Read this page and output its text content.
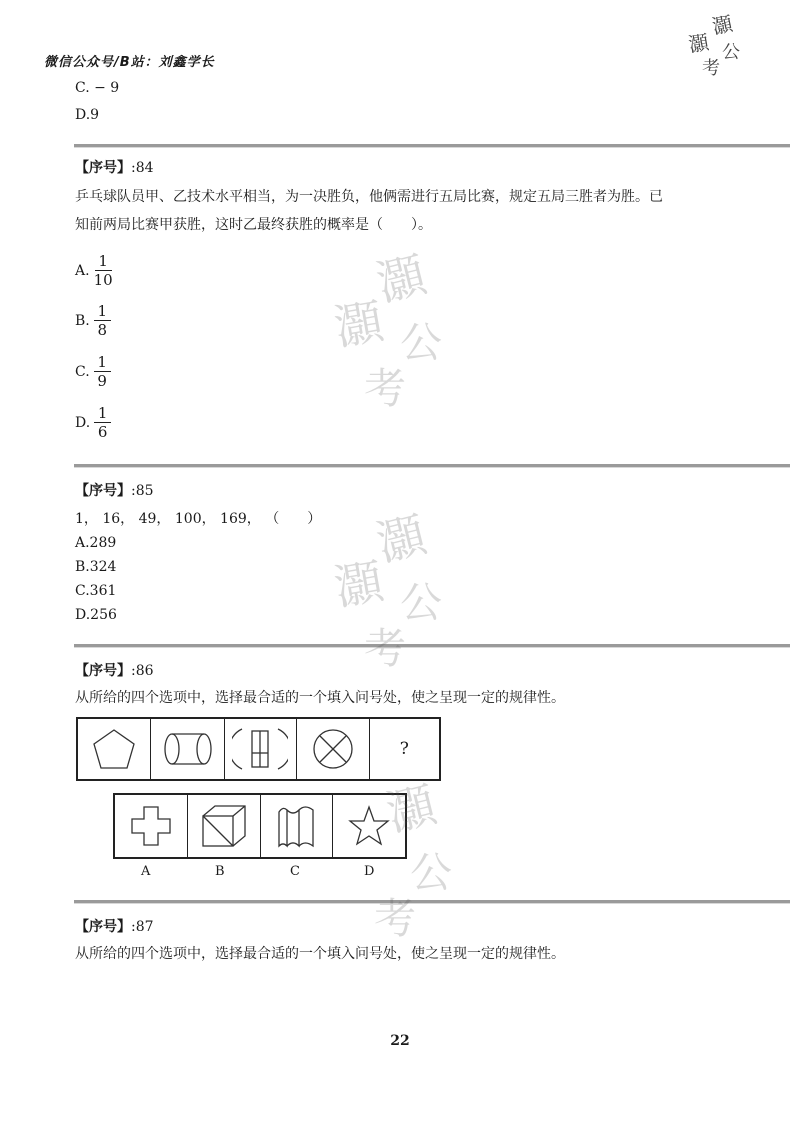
微信公众号/B站：刘鑫学长
灝
灝 公
考
C. − 9
D.9
【序号】:84
乒乓球队员甲、乙技术水平相当，为一决胜负，他俩需进行五局比赛，规定五局三胜者为胜。已
知前两局比赛甲获胜，这时乙最终获胜的概率是（　　）。
A. $\frac{1}{10}$
B. $\frac{1}{8}$
C. $\frac{1}{9}$
D. $\frac{1}{6}$
【序号】:85
1， 16， 49， 100， 169， （　　）
A.289
B.324
C.361
D.256
【序号】:86
从所给的四个选项中，选择最合适的一个填入问号处，使之呈现一定的规律性。
?
A	B	C	D
【序号】:87
从所给的四个选项中，选择最合适的一个填入问号处，使之呈现一定的规律性。
灝
灝 公
考
灝
灝 公
考
灝
公
考
22
